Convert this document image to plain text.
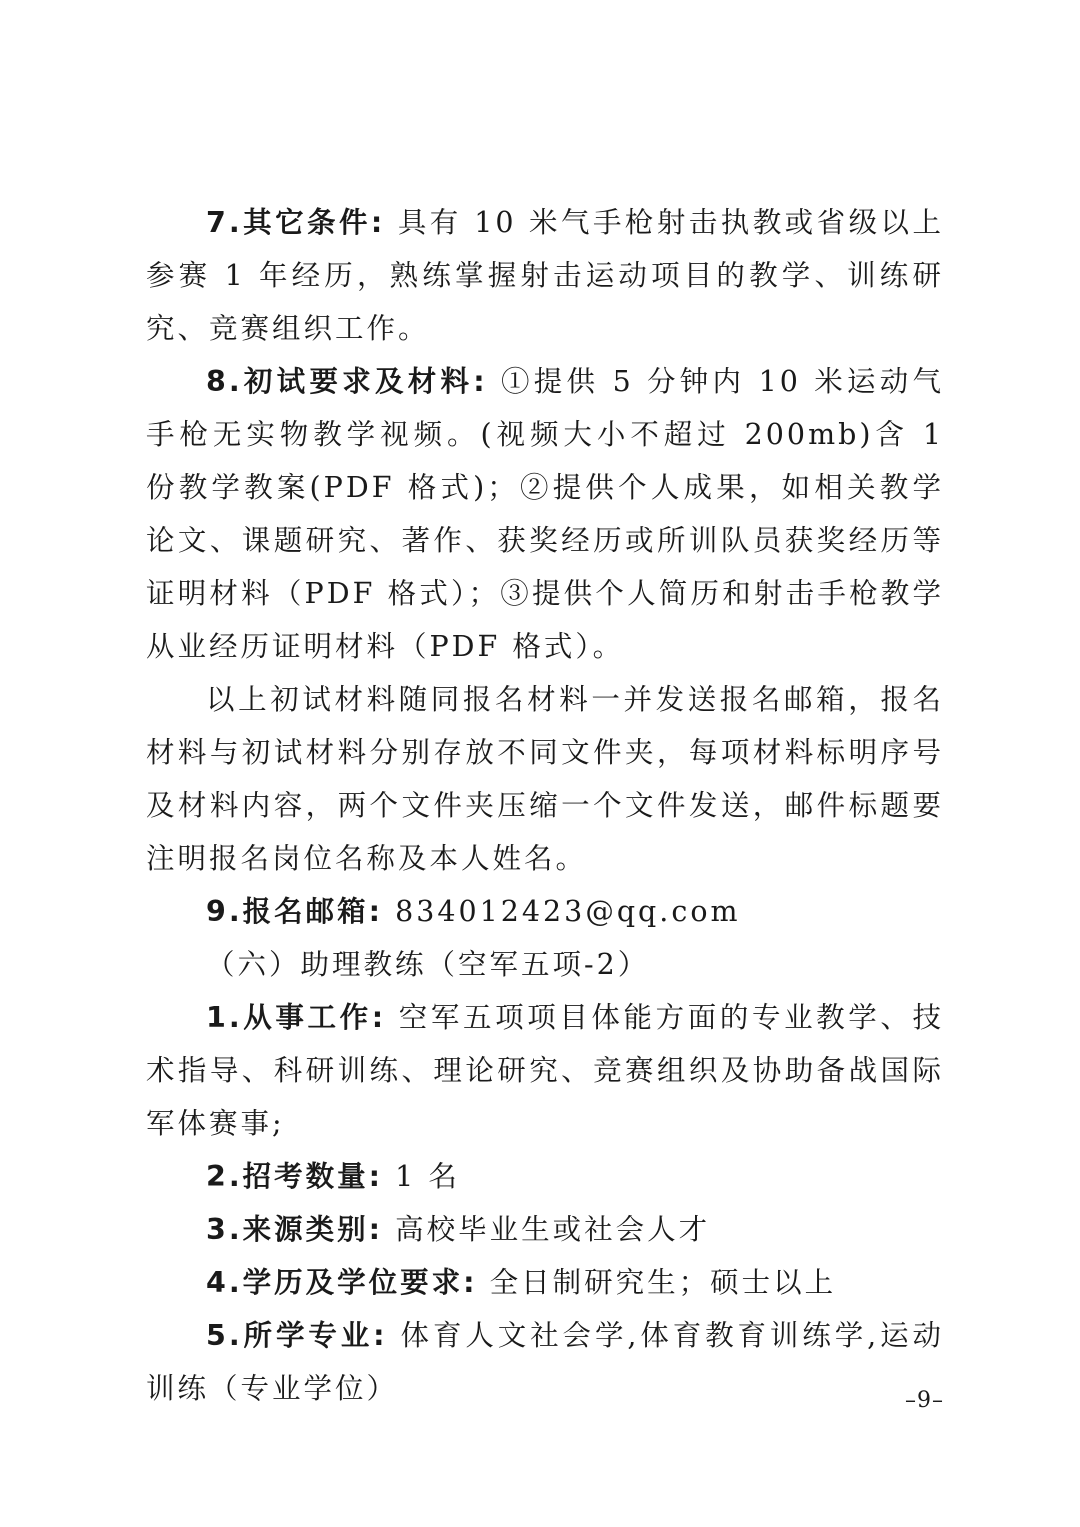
7.其它条件: 具有 10 米气手枪射击执教或省级以上参赛 1 年经历，熟练掌握射击运动项目的教学、训练研究、竞赛组织工作。

8.初试要求及材料: ①提供 5 分钟内 10 米运动气手枪无实物教学视频。(视频大小不超过 200mb)含 1 份教学教案(PDF 格式)；②提供个人成果，如相关教学论文、课题研究、著作、获奖经历或所训队员获奖经历等证明材料（PDF 格式）；③提供个人简历和射击手枪教学从业经历证明材料（PDF 格式）。

以上初试材料随同报名材料一并发送报名邮箱，报名材料与初试材料分别存放不同文件夹，每项材料标明序号及材料内容，两个文件夹压缩一个文件发送，邮件标题要注明报名岗位名称及本人姓名。

9.报名邮箱: 834012423@qq.com

（六）助理教练（空军五项-2）

1.从事工作: 空军五项项目体能方面的专业教学、技术指导、科研训练、理论研究、竞赛组织及协助备战国际军体赛事;

2.招考数量: 1 名

3.来源类别: 高校毕业生或社会人才

4.学历及学位要求: 全日制研究生；硕士以上

5.所学专业: 体育人文社会学,体育教育训练学,运动训练（专业学位）	–9–
